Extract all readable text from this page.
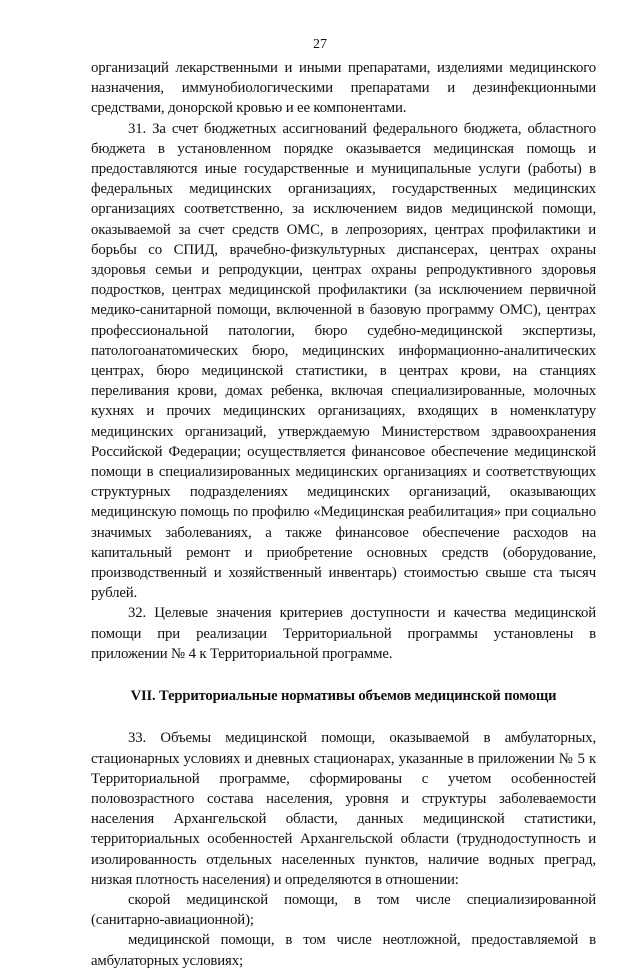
27

организаций лекарственными и иными препаратами, изделиями медицинского назначения, иммунобиологическими препаратами и дезинфекционными средствами, донорской кровью и ее компонентами.

31. За счет бюджетных ассигнований федерального бюджета, областного бюджета в установленном порядке оказывается медицинская помощь и предоставляются иные государственные и муниципальные услуги (работы) в федеральных медицинских организациях, государственных медицинских организациях соответственно, за исключением видов медицинской помощи, оказываемой за счет средств ОМС, в лепрозориях, центрах профилактики и борьбы со СПИД, врачебно-физкультурных диспансерах, центрах охраны здоровья семьи и репродукции, центрах охраны репродуктивного здоровья подростков, центрах медицинской профилактики (за исключением первичной медико-санитарной помощи, включенной в базовую программу ОМС), центрах профессиональной патологии, бюро судебно-медицинской экспертизы, патологоанатомических бюро, медицинских информационно-аналитических центрах, бюро медицинской статистики, в центрах крови, на станциях переливания крови, домах ребенка, включая специализированные, молочных кухнях и прочих медицинских организациях, входящих в номенклатуру медицинских организаций, утверждаемую Министерством здравоохранения Российской Федерации; осуществляется финансовое обеспечение медицинской помощи в специализированных медицинских организациях и соответствующих структурных подразделениях медицинских организаций, оказывающих медицинскую помощь по профилю «Медицинская реабилитация» при социально значимых заболеваниях, а также финансовое обеспечение расходов на капитальный ремонт и приобретение основных средств (оборудование, производственный и хозяйственный инвентарь) стоимостью свыше ста тысяч рублей.

32. Целевые значения критериев доступности и качества медицинской помощи при реализации Территориальной программы установлены в приложении № 4 к Территориальной программе.

VII. Территориальные нормативы объемов медицинской помощи

33. Объемы медицинской помощи, оказываемой в амбулаторных, стационарных условиях и дневных стационарах, указанные в приложении № 5 к Территориальной программе, сформированы с учетом особенностей половозрастного состава населения, уровня и структуры заболеваемости населения Архангельской области, данных медицинской статистики, территориальных особенностей Архангельской области (труднодоступность и изолированность отдельных населенных пунктов, наличие водных преград, низкая плотность населения) и определяются в отношении:

скорой медицинской помощи, в том числе специализированной (санитарно-авиационной);

медицинской помощи, в том числе неотложной, предоставляемой в амбулаторных условиях;
